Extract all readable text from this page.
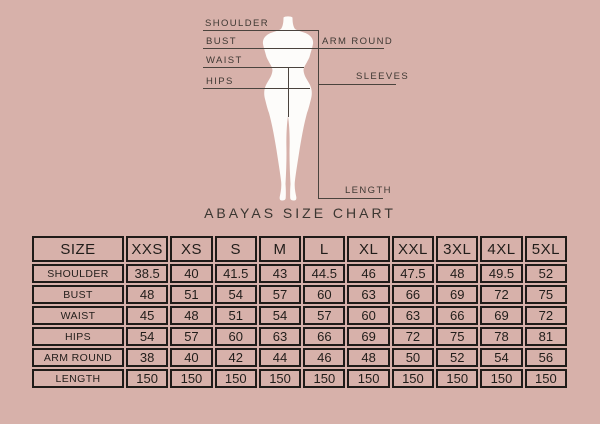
SHOULDER
BUST
WAIST
HIPS
ARM ROUND
SLEEVES
LENGTH
ABAYAS SIZE CHART
SIZE	XXS	XS	S	M	L	XL	XXL	3XL	4XL	5XL
SHOULDER	38.5	40	41.5	43	44.5	46	47.5	48	49.5	52
BUST	48	51	54	57	60	63	66	69	72	75
WAIST	45	48	51	54	57	60	63	66	69	72
HIPS	54	57	60	63	66	69	72	75	78	81
ARM ROUND	38	40	42	44	46	48	50	52	54	56
LENGTH	150	150	150	150	150	150	150	150	150	150
